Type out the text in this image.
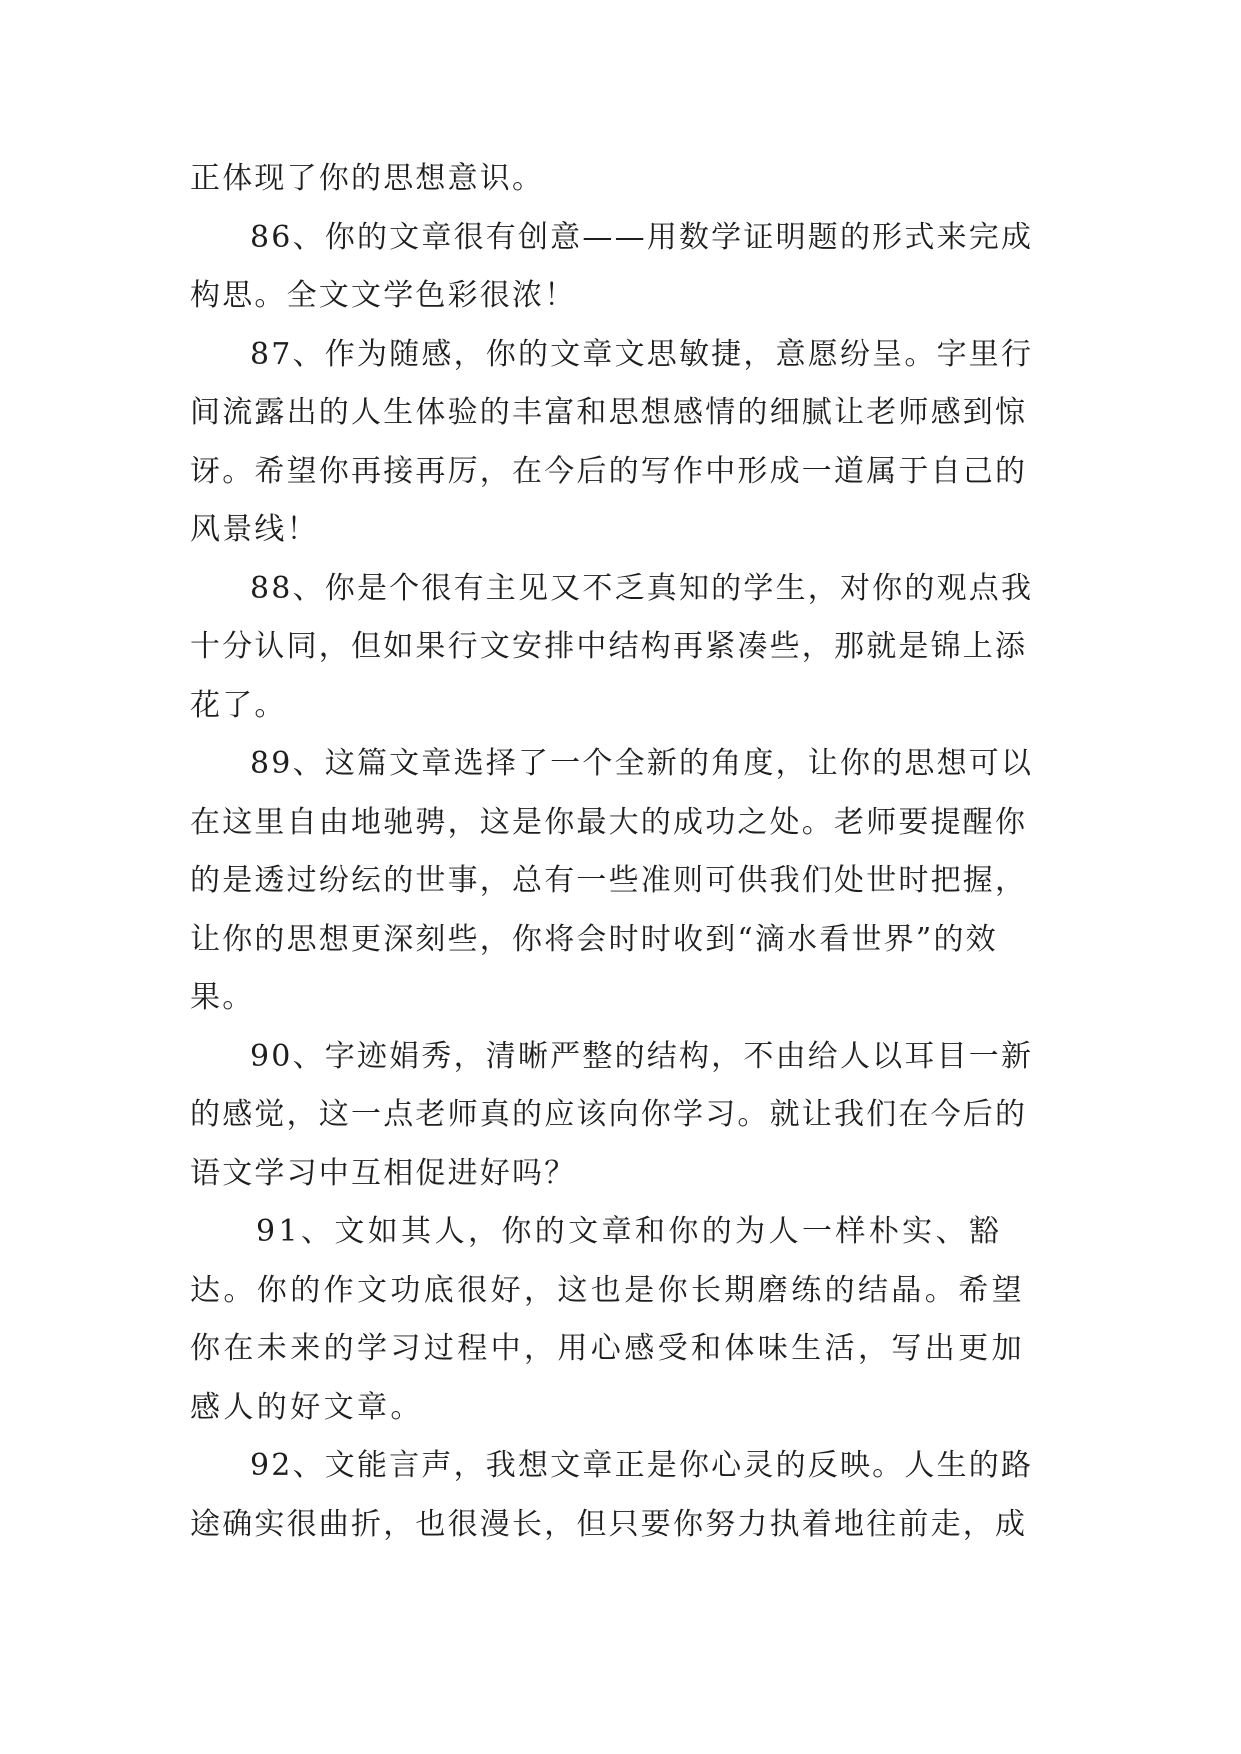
正体现了你的思想意识。

86、你的文章很有创意——用数学证明题的形式来完成构思。全文文学色彩很浓！

87、作为随感，你的文章文思敏捷，意愿纷呈。字里行间流露出的人生体验的丰富和思想感情的细腻让老师感到惊讶。希望你再接再厉，在今后的写作中形成一道属于自己的风景线！

88、你是个很有主见又不乏真知的学生，对你的观点我十分认同，但如果行文安排中结构再紧凑些，那就是锦上添花了。

89、这篇文章选择了一个全新的角度，让你的思想可以在这里自由地驰骋，这是你最大的成功之处。老师要提醒你的是透过纷纭的世事，总有一些准则可供我们处世时把握，让你的思想更深刻些，你将会时时收到“滴水看世界”的效果。

90、字迹娟秀，清晰严整的结构，不由给人以耳目一新的感觉，这一点老师真的应该向你学习。就让我们在今后的语文学习中互相促进好吗？

91、文如其人，你的文章和你的为人一样朴实、豁达。你的作文功底很好，这也是你长期磨练的结晶。希望你在未来的学习过程中，用心感受和体味生活，写出更加感人的好文章。

92、文能言声，我想文章正是你心灵的反映。人生的路途确实很曲折，也很漫长，但只要你努力执着地往前走，成
